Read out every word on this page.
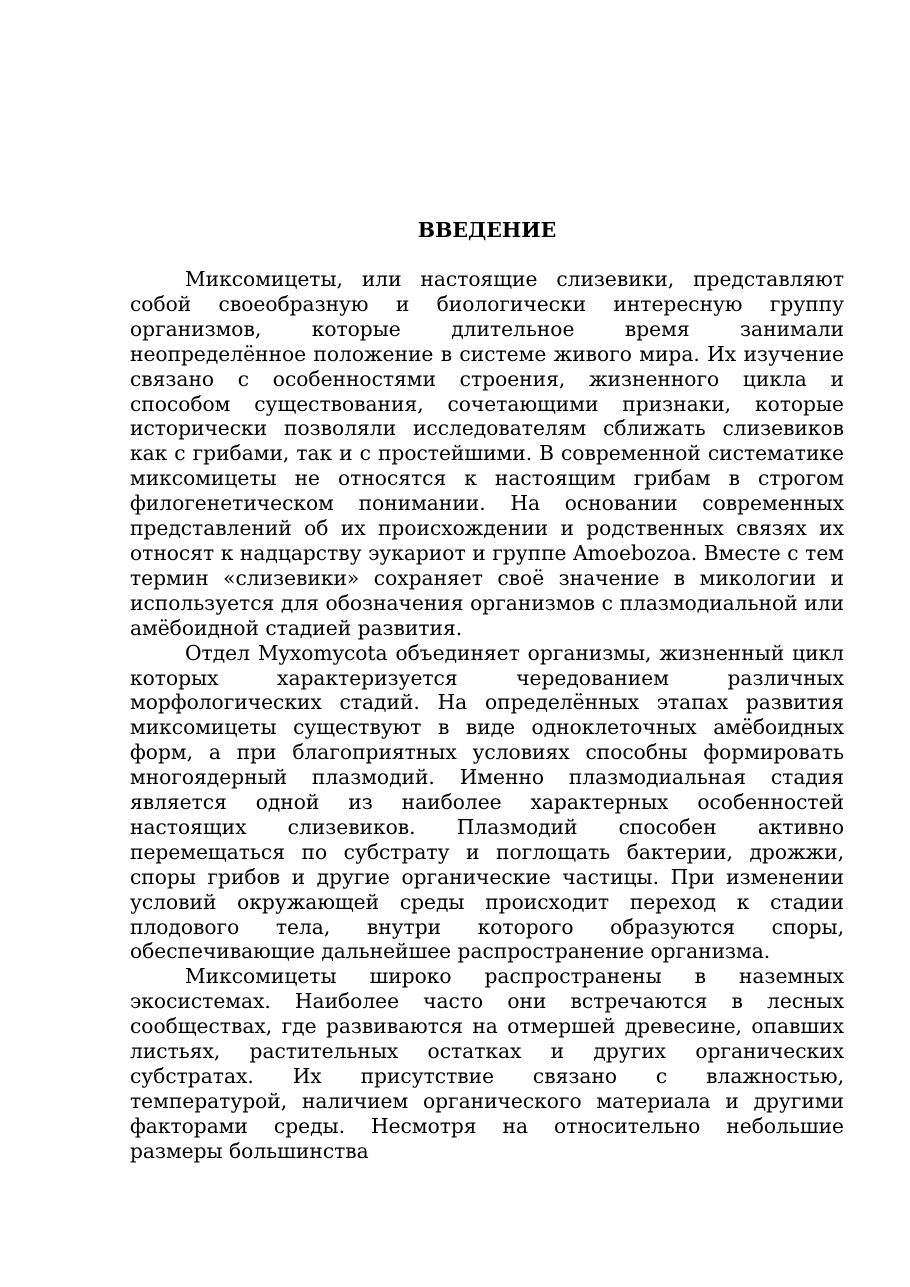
ВВЕДЕНИЕ

Миксомицеты, или настоящие слизевики, представляют собой своеобразную и биологически интересную группу организмов, которые длительное время занимали неопределённое положение в системе живого мира. Их изучение связано с особенностями строения, жизненного цикла и способом существования, сочетающими признаки, которые исторически позволяли исследователям сближать слизевиков как с грибами, так и с простейшими. В современной систематике миксомицеты не относятся к настоящим грибам в строгом филогенетическом понимании. На основании современных представлений об их происхождении и родственных связях их относят к надцарству эукариот и группе Amoebozoa. Вместе с тем термин «слизевики» сохраняет своё значение в микологии и используется для обозначения организмов с плазмодиальной или амёбоидной стадией развития.

Отдел Myxomycota объединяет организмы, жизненный цикл которых характеризуется чередованием различных морфологических стадий. На определённых этапах развития миксомицеты существуют в виде одноклеточных амёбоидных форм, а при благоприятных условиях способны формировать многоядерный плазмодий. Именно плазмодиальная стадия является одной из наиболее характерных особенностей настоящих слизевиков. Плазмодий способен активно перемещаться по субстрату и поглощать бактерии, дрожжи, споры грибов и другие органические частицы. При изменении условий окружающей среды происходит переход к стадии плодового тела, внутри которого образуются споры, обеспечивающие дальнейшее распространение организма.

Миксомицеты широко распространены в наземных экосистемах. Наиболее часто они встречаются в лесных сообществах, где развиваются на отмершей древесине, опавших листьях, растительных остатках и других органических субстратах. Их присутствие связано с влажностью, температурой, наличием органического материала и другими факторами среды. Несмотря на относительно небольшие размеры большинства
